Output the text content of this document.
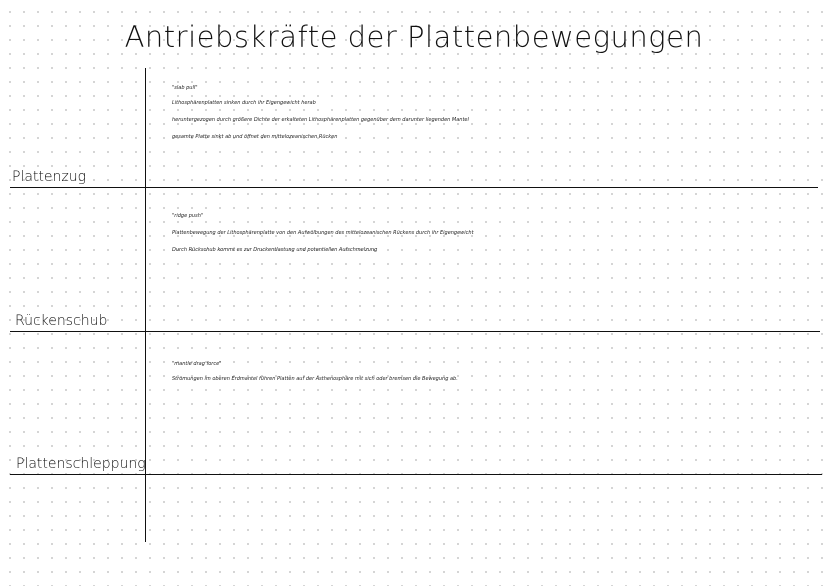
Antriebskräfte der Plattenbewegungen
Plattenzug
"slab pull"
Lithosphärenplatten sinken durch ihr Eigengewicht herab
heruntergezogen durch größere Dichte der erkalteten Lithosphärenplatten gegenüber dem darunter liegenden Mantel
gesamte Platte sinkt ab und öffnet den mittelozeanischen Rücken
Rückenschub
"ridge push"
Plattenbewegung der Lithosphärenplatte von den Aufwölbungen des mittelozeanischen Rückens durch ihr Eigengewicht
Durch Rückschub kommt es zur Druckentlastung und potentiellen Aufschmelzung
Plattenschleppung
"mantle drag force"
Strömungen im oberen Erdmantel führen Platten auf der Asthenosphäre mit sich oder bremsen die Bewegung ab.
